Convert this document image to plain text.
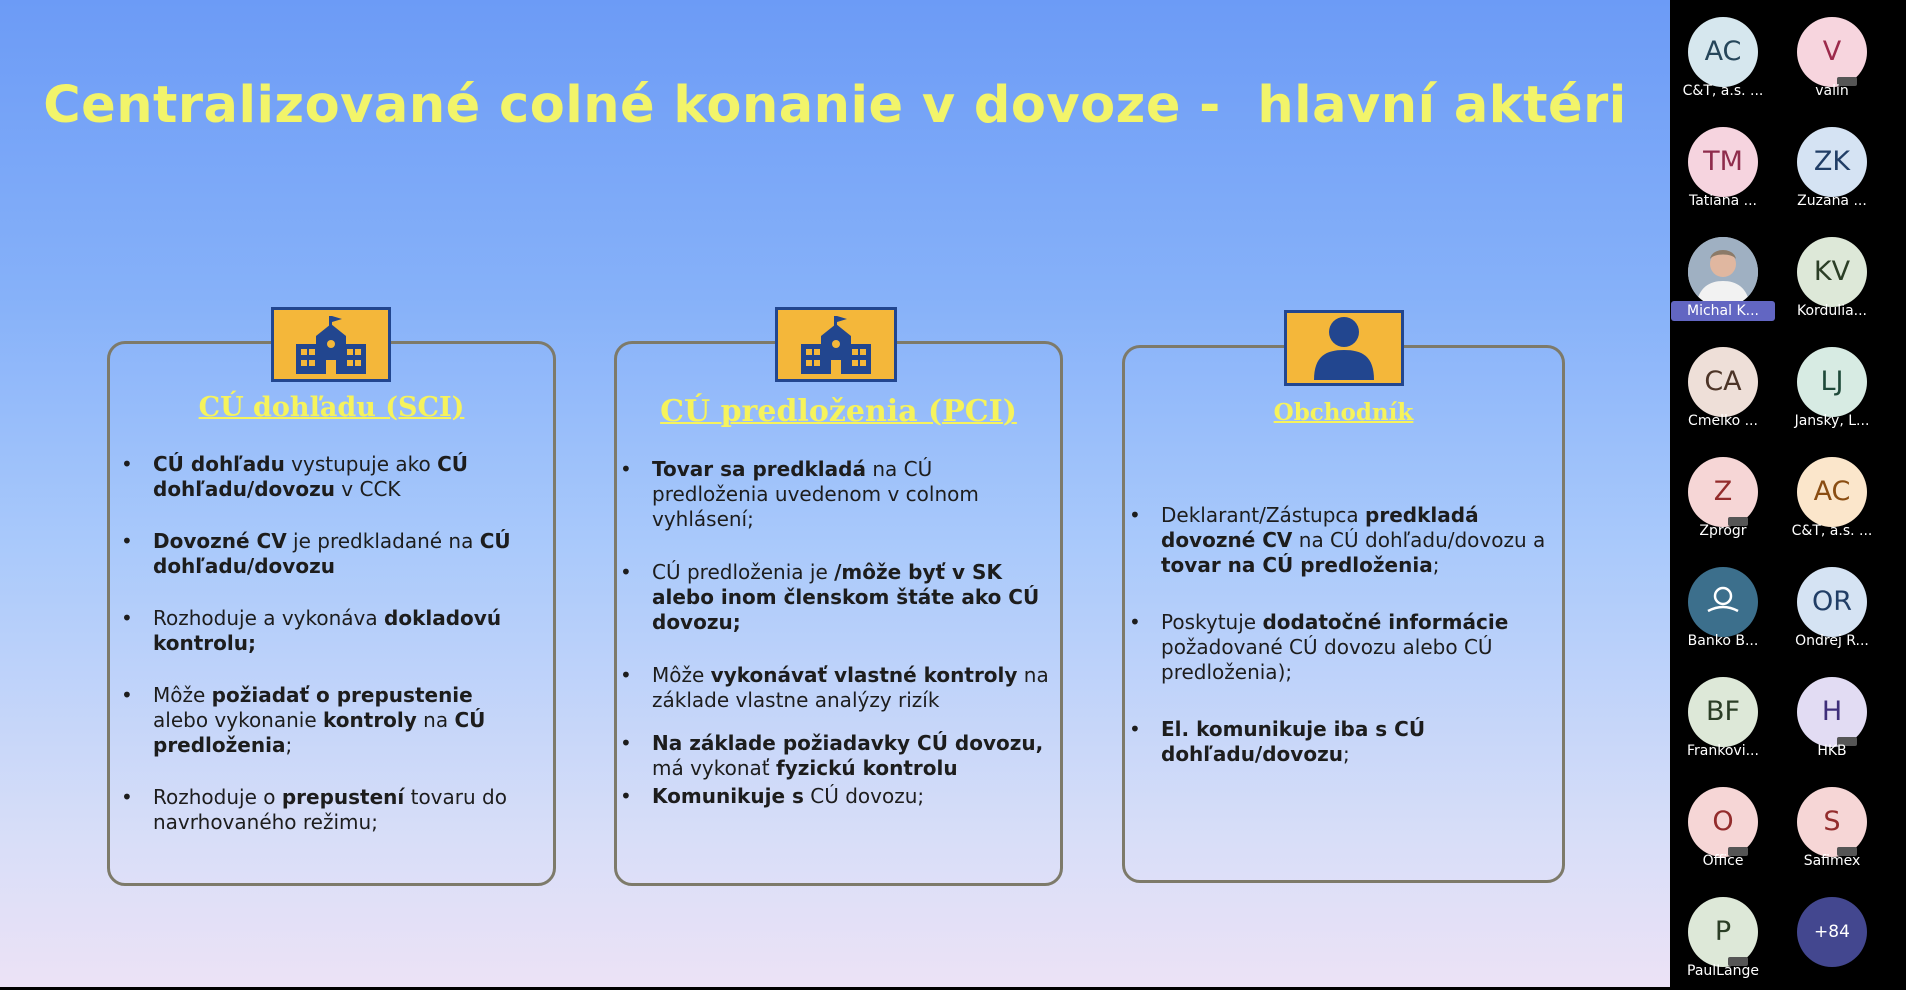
Centralizované colné konanie v dovoze -  hlavní aktéri
CÚ dohľadu (SCI)
• CÚ dohľadu vystupuje ako CÚ dohľadu/dovozu v CCK
• Dovozné CV je predkladané na CÚ dohľadu/dovozu
• Rozhoduje a vykonáva dokladovú kontrolu;
• Môže požiadať o prepustenie alebo vykonanie kontroly na CÚ predloženia;
• Rozhoduje o prepustení tovaru do navrhovaného režimu;
CÚ predloženia (PCI)
• Tovar sa predkladá na CÚ predloženia uvedenom v colnom vyhlásení;
• CÚ predloženia je /môže byť v SK alebo inom členskom štáte ako CÚ dovozu;
• Môže vykonávať vlastné kontroly na základe vlastne analýzy rizík
• Na základe požiadavky CÚ dovozu, má vykonať fyzickú kontrolu
• Komunikuje s CÚ dovozu;
Obchodník
• Deklarant/Zástupca predkladá dovozné CV na CÚ dohľadu/dovozu a tovar na CÚ predloženia;
• Poskytuje dodatočné informácie požadované CÚ dovozu alebo CÚ predloženia);
• El. komunikuje iba s CÚ dohľadu/dovozu;
AC
C&T, a.s. ...
V
valin
TM
Tatiana ...
ZK
Zuzana ...
Michal K...
KV
Kordulia...
CA
Cmelko ...
LJ
Jansky, L...
Z
Zprogr
AC
C&T, a.s. ...
Banko B...
OR
Ondrej R...
BF
Frankovi...
H
HKB
O
Office
S
Safimex
P
PaulLange
+84
